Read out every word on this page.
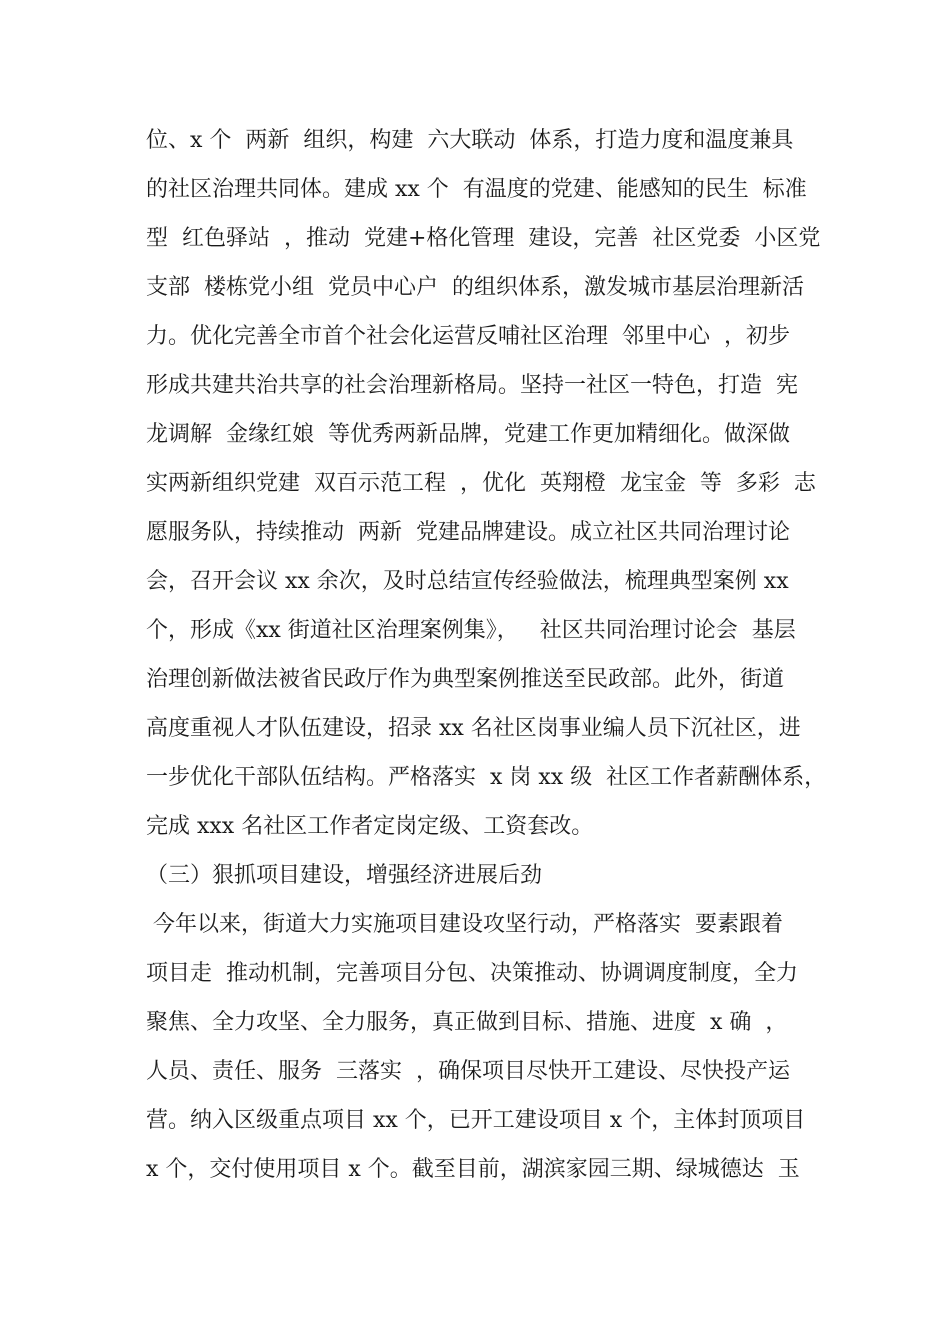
位、x 个  两新  组织，构建  六大联动  体系，打造力度和温度兼具
的社区治理共同体。建成 xx 个  有温度的党建、能感知的民生  标准
型  红色驿站  ，推动  党建+格化管理  建设，完善  社区党委  小区党
支部  楼栋党小组  党员中心户  的组织体系，激发城市基层治理新活
力。优化完善全市首个社会化运营反哺社区治理  邻里中心  ，初步
形成共建共治共享的社会治理新格局。坚持一社区一特色，打造  宪
龙调解  金缘红娘  等优秀两新品牌，党建工作更加精细化。做深做
实两新组织党建  双百示范工程  ，优化  英翔橙  龙宝金  等  多彩  志
愿服务队，持续推动  两新  党建品牌建设。成立社区共同治理讨论
会，召开会议 xx 余次，及时总结宣传经验做法，梳理典型案例 xx
个，形成《xx 街道社区治理案例集》，   社区共同治理讨论会  基层
治理创新做法被省民政厅作为典型案例推送至民政部。此外，街道
高度重视人才队伍建设，招录 xx 名社区岗事业编人员下沉社区，进
一步优化干部队伍结构。严格落实  x 岗 xx 级  社区工作者薪酬体系，
完成 xxx 名社区工作者定岗定级、工资套改。
（三）狠抓项目建设，增强经济进展后劲
今年以来，街道大力实施项目建设攻坚行动，严格落实  要素跟着
项目走  推动机制，完善项目分包、决策推动、协调调度制度，全力
聚焦、全力攻坚、全力服务，真正做到目标、措施、进度  x 确  ，
人员、责任、服务  三落实  ，确保项目尽快开工建设、尽快投产运
营。纳入区级重点项目 xx 个，已开工建设项目 x 个，主体封顶项目
x 个，交付使用项目 x 个。截至目前，湖滨家园三期、绿城德达  玉
